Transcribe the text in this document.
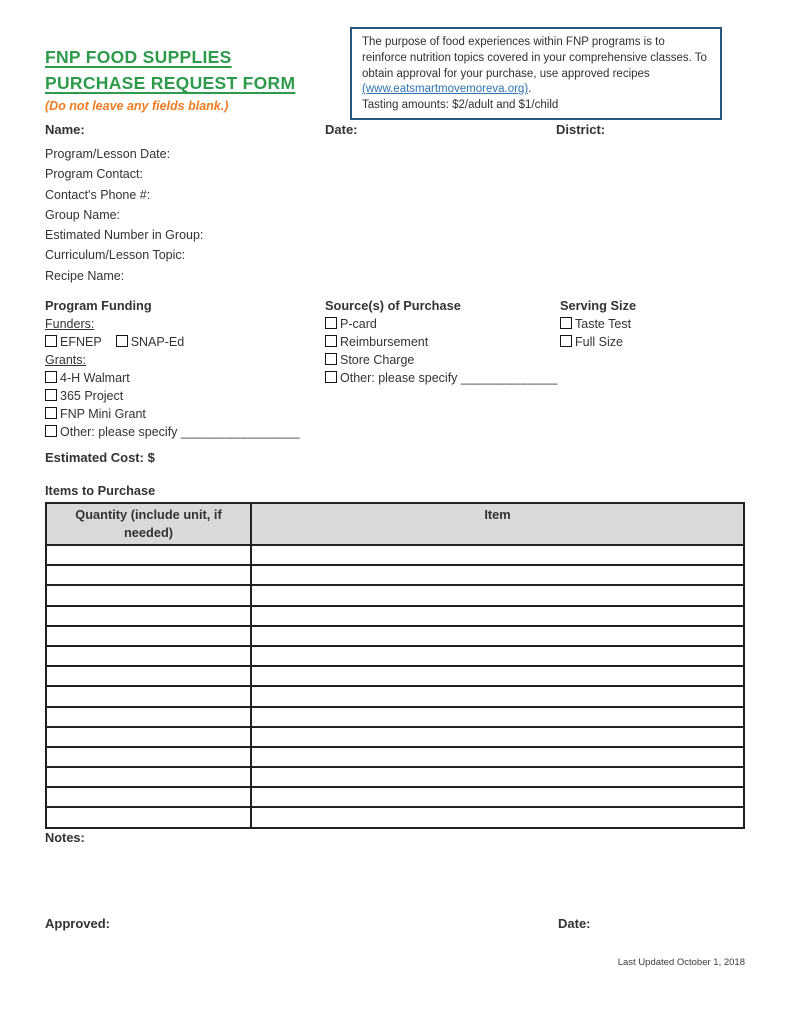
FNP FOOD SUPPLIES
PURCHASE REQUEST FORM
(Do not leave any fields blank.)
The purpose of food experiences within FNP programs is to reinforce nutrition topics covered in your comprehensive classes. To obtain approval for your purchase, use approved recipes (www.eatsmartmovemoreva.org).
Tasting amounts: $2/adult and $1/child
Name:	Date:	District:
Program/Lesson Date:
Program Contact:
Contact's Phone #:
Group Name:
Estimated Number in Group:
Curriculum/Lesson Topic:
Recipe Name:
Program Funding
Funders:
EFNEP SNAP-Ed
Grants:
4-H Walmart
365 Project
FNP Mini Grant
Other: please specify ________________
Source(s) of Purchase
P-card
Reimbursement
Store Charge
Other: please specify _____________
Serving Size
Taste Test
Full Size
Estimated Cost: $
Items to Purchase
Quantity (include unit, if needed)	Item

Notes:
Approved:	Date:
Last Updated October 1, 2018
